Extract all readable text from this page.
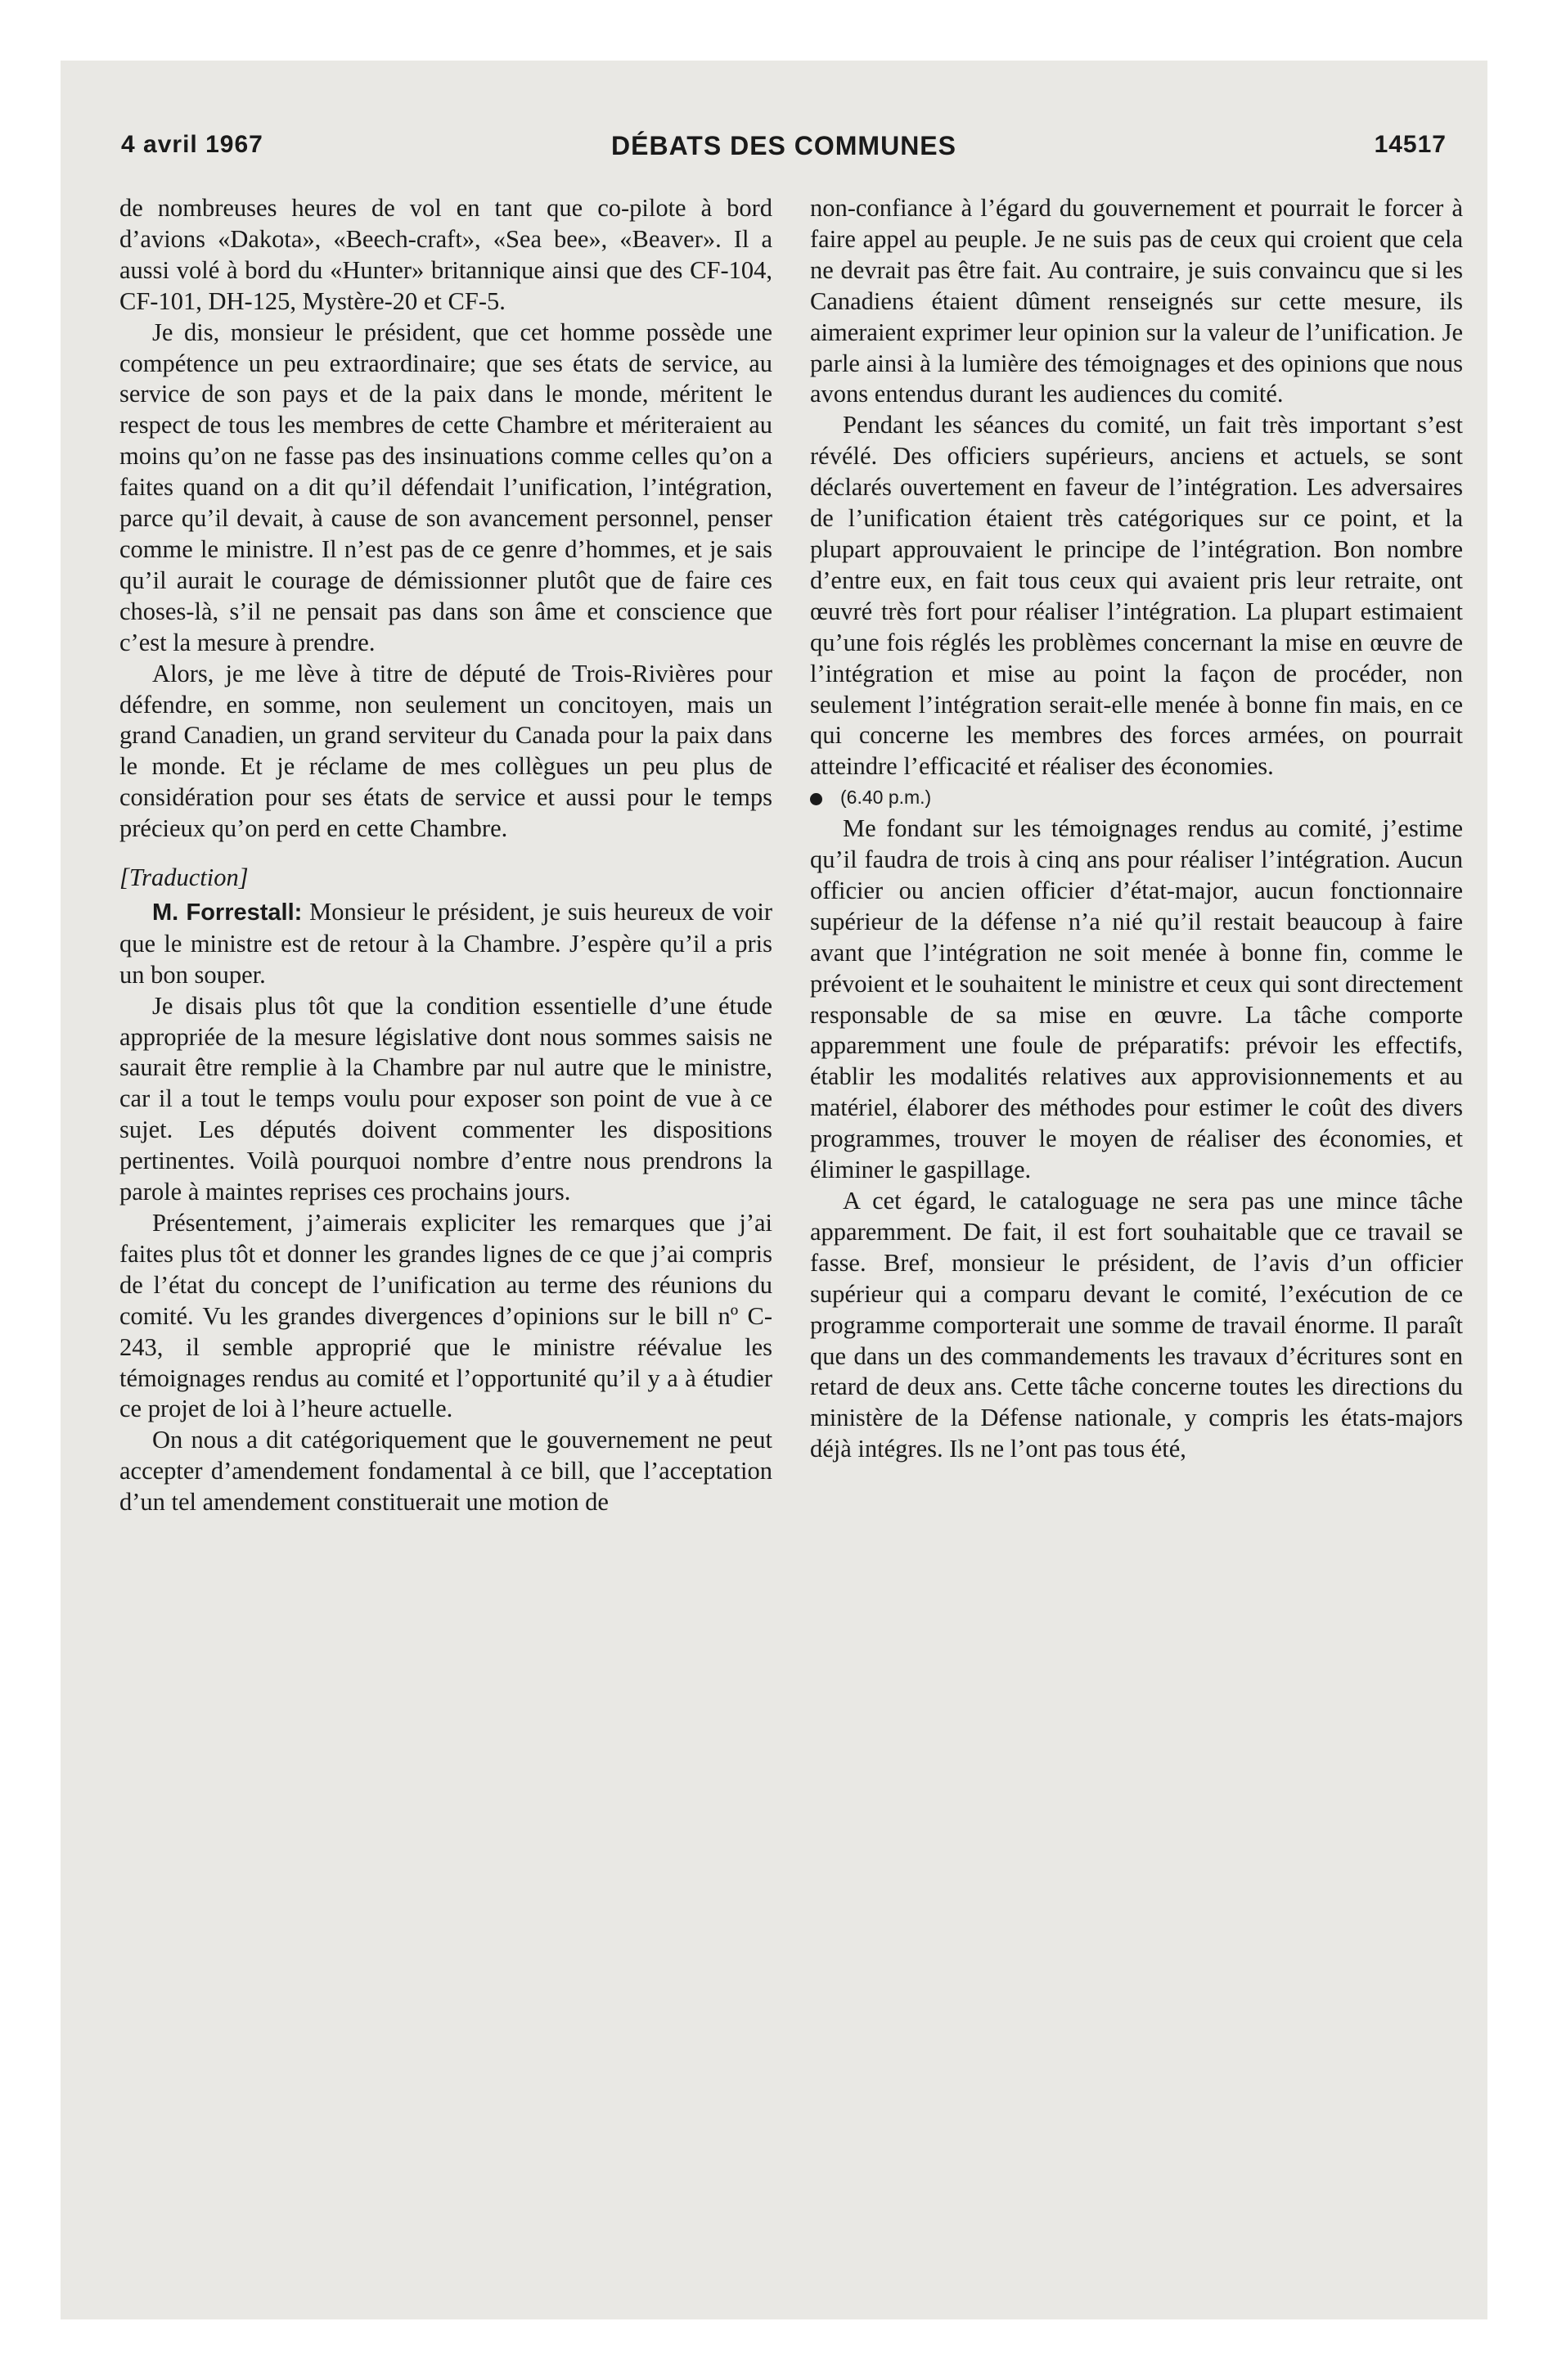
4 avril 1967	DÉBATS DES COMMUNES	14517

de nombreuses heures de vol en tant que co-pilote à bord d’avions «Dakota», «Beech-craft», «Sea bee», «Beaver». Il a aussi volé à bord du «Hunter» britannique ainsi que des CF-104, CF-101, DH-125, Mystère-20 et CF-5.

Je dis, monsieur le président, que cet homme possède une compétence un peu extraordinaire; que ses états de service, au service de son pays et de la paix dans le monde, méritent le respect de tous les membres de cette Chambre et mériteraient au moins qu’on ne fasse pas des insinuations comme celles qu’on a faites quand on a dit qu’il défendait l’unification, l’intégration, parce qu’il devait, à cause de son avancement personnel, penser comme le ministre. Il n’est pas de ce genre d’hommes, et je sais qu’il aurait le courage de démissionner plutôt que de faire ces choses-là, s’il ne pensait pas dans son âme et conscience que c’est la mesure à prendre.

Alors, je me lève à titre de député de Trois-Rivières pour défendre, en somme, non seulement un concitoyen, mais un grand Canadien, un grand serviteur du Canada pour la paix dans le monde. Et je réclame de mes collègues un peu plus de considération pour ses états de service et aussi pour le temps précieux qu’on perd en cette Chambre.

[Traduction]

M. Forrestall: Monsieur le président, je suis heureux de voir que le ministre est de retour à la Chambre. J’espère qu’il a pris un bon souper.

Je disais plus tôt que la condition essentielle d’une étude appropriée de la mesure législative dont nous sommes saisis ne saurait être remplie à la Chambre par nul autre que le ministre, car il a tout le temps voulu pour exposer son point de vue à ce sujet. Les députés doivent commenter les dispositions pertinentes. Voilà pourquoi nombre d’entre nous prendrons la parole à maintes reprises ces prochains jours.

Présentement, j’aimerais expliciter les remarques que j’ai faites plus tôt et donner les grandes lignes de ce que j’ai compris de l’état du concept de l’unification au terme des réunions du comité. Vu les grandes divergences d’opinions sur le bill nº C-243, il semble approprié que le ministre réévalue les témoignages rendus au comité et l’opportunité qu’il y a à étudier ce projet de loi à l’heure actuelle.

On nous a dit catégoriquement que le gouvernement ne peut accepter d’amendement fondamental à ce bill, que l’acceptation d’un tel amendement constituerait une motion de

non-confiance à l’égard du gouvernement et pourrait le forcer à faire appel au peuple. Je ne suis pas de ceux qui croient que cela ne devrait pas être fait. Au contraire, je suis convaincu que si les Canadiens étaient dûment renseignés sur cette mesure, ils aimeraient exprimer leur opinion sur la valeur de l’unification. Je parle ainsi à la lumière des témoignages et des opinions que nous avons entendus durant les audiences du comité.

Pendant les séances du comité, un fait très important s’est révélé. Des officiers supérieurs, anciens et actuels, se sont déclarés ouvertement en faveur de l’intégration. Les adversaires de l’unification étaient très catégoriques sur ce point, et la plupart approuvaient le principe de l’intégration. Bon nombre d’entre eux, en fait tous ceux qui avaient pris leur retraite, ont œuvré très fort pour réaliser l’intégration. La plupart estimaient qu’une fois réglés les problèmes concernant la mise en œuvre de l’intégration et mise au point la façon de procéder, non seulement l’intégration serait-elle menée à bonne fin mais, en ce qui concerne les membres des forces armées, on pourrait atteindre l’efficacité et réaliser des économies.

(6.40 p.m.)

Me fondant sur les témoignages rendus au comité, j’estime qu’il faudra de trois à cinq ans pour réaliser l’intégration. Aucun officier ou ancien officier d’état-major, aucun fonctionnaire supérieur de la défense n’a nié qu’il restait beaucoup à faire avant que l’intégration ne soit menée à bonne fin, comme le prévoient et le souhaitent le ministre et ceux qui sont directement responsable de sa mise en œuvre. La tâche comporte apparemment une foule de préparatifs: prévoir les effectifs, établir les modalités relatives aux approvisionnements et au matériel, élaborer des méthodes pour estimer le coût des divers programmes, trouver le moyen de réaliser des économies, et éliminer le gaspillage.

A cet égard, le cataloguage ne sera pas une mince tâche apparemment. De fait, il est fort souhaitable que ce travail se fasse. Bref, monsieur le président, de l’avis d’un officier supérieur qui a comparu devant le comité, l’exécution de ce programme comporterait une somme de travail énorme. Il paraît que dans un des commandements les travaux d’écritures sont en retard de deux ans. Cette tâche concerne toutes les directions du ministère de la Défense nationale, y compris les états-majors déjà intégres. Ils ne l’ont pas tous été,
